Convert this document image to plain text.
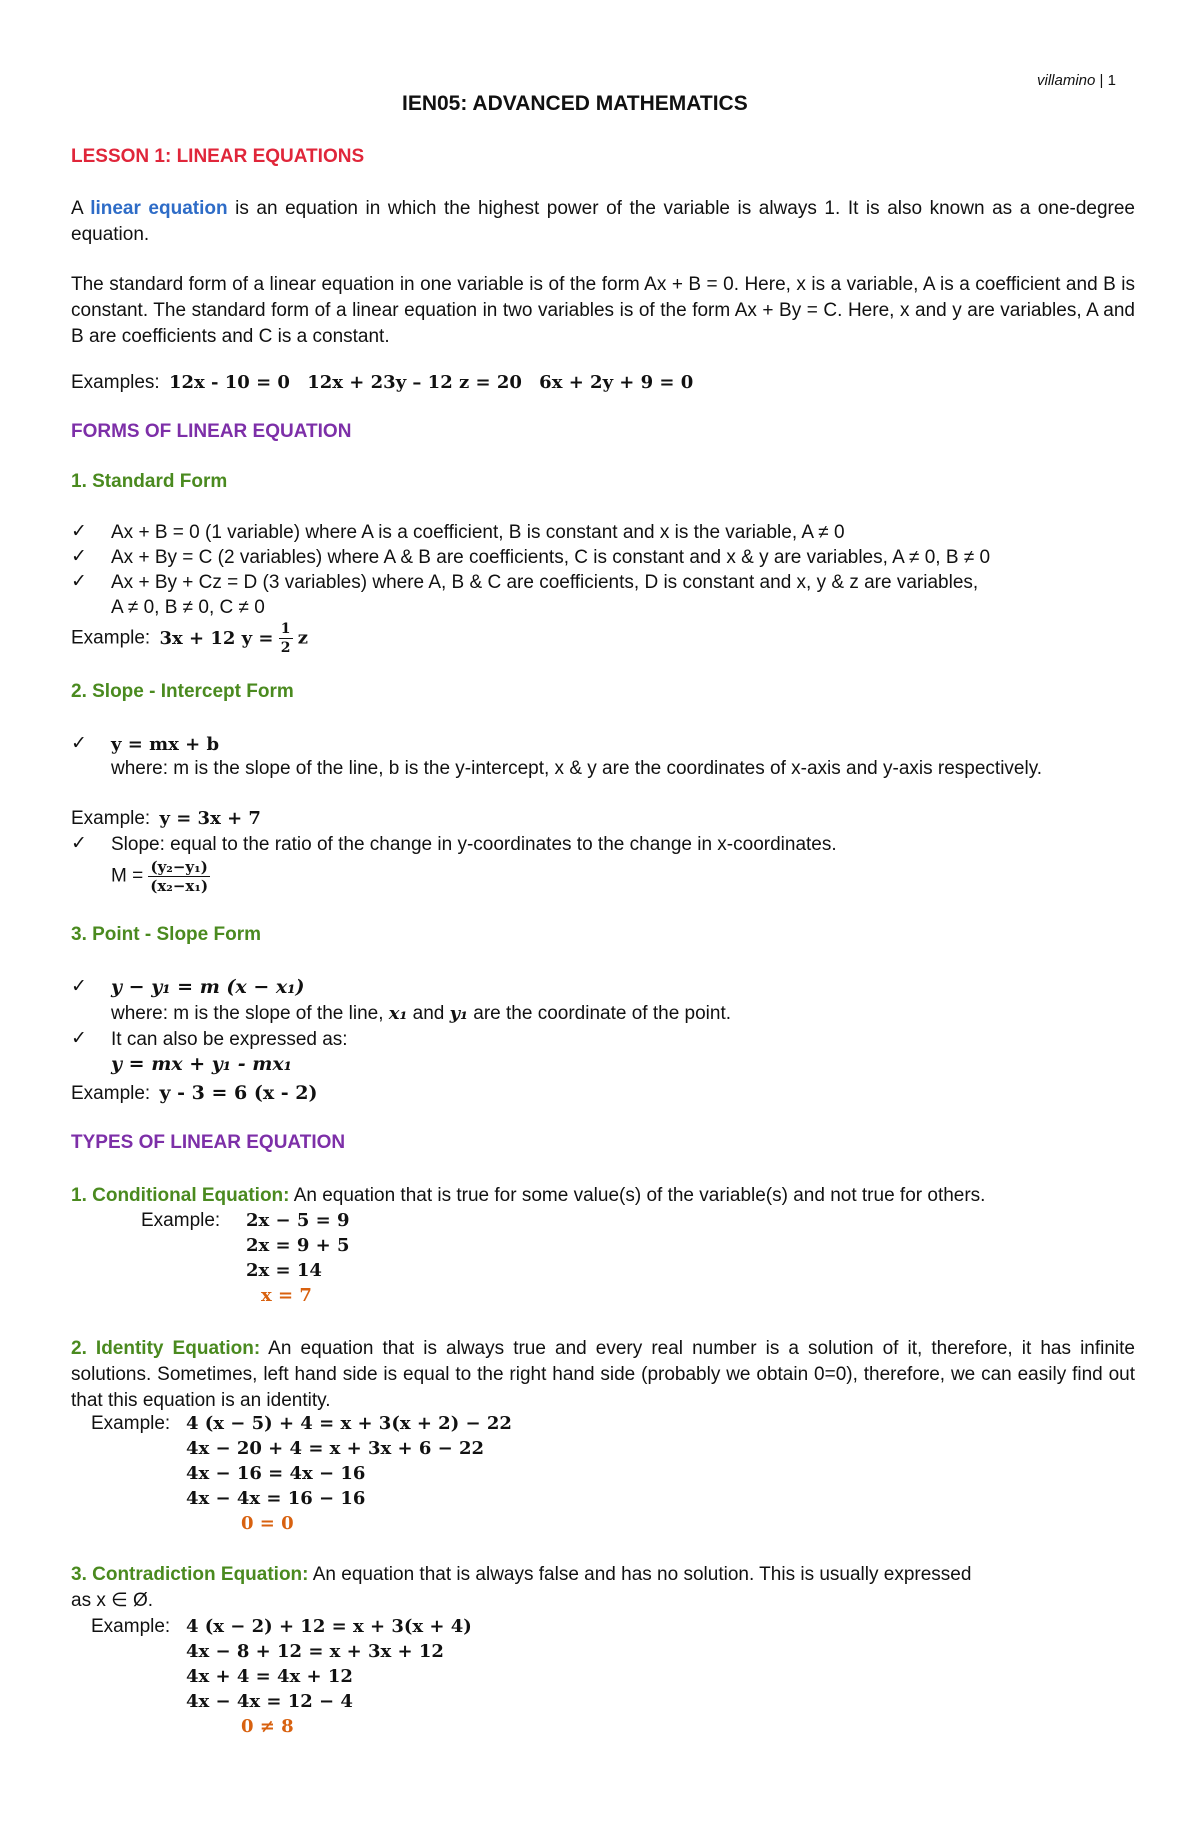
villamino | 1
IEN05: ADVANCED MATHEMATICS
LESSON 1: LINEAR EQUATIONS
A linear equation is an equation in which the highest power of the variable is always 1. It is also known as a one-degree equation.
The standard form of a linear equation in one variable is of the form Ax + B = 0. Here, x is a variable, A is a coefficient and B is constant. The standard form of a linear equation in two variables is of the form Ax + By = C. Here, x and y are variables, A and B are coefficients and C is a constant.
Examples: 12x - 10 = 0 12x + 23y – 12 z = 20 6x + 2y + 9 = 0
FORMS OF LINEAR EQUATION
1. Standard Form
✓ Ax + B = 0 (1 variable) where A is a coefficient, B is constant and x is the variable, A ≠ 0
✓ Ax + By = C (2 variables) where A & B are coefficients, C is constant and x & y are variables, A ≠ 0, B ≠ 0
✓ Ax + By + Cz = D (3 variables) where A, B & C are coefficients, D is constant and x, y & z are variables,
A ≠ 0, B ≠ 0, C ≠ 0
Example: 3x + 12 $y = \frac{1}{2}$ z
2. Slope - Intercept Form
✓ y = mx + b
where: m is the slope of the line, b is the y-intercept, x & y are the coordinates of x-axis and y-axis respectively.
Example: y = 3x + 7
✓ Slope: equal to the ratio of the change in y-coordinates to the change in x-coordinates.
$M = \frac{\text{(y₂−y₁)}}{\text{(x₂−x₁)}}$
3. Point - Slope Form
✓ y − y₁ = m (x − x₁)
where: m is the slope of the line, x₁ and y₁ are the coordinate of the point.
✓ It can also be expressed as:
y = mx + y₁ - mx₁
Example: y - 3 = 6 (x - 2)
TYPES OF LINEAR EQUATION
1. Conditional Equation: An equation that is true for some value(s) of the variable(s) and not true for others.
Example: 2x − 5 = 9
2x = 9 + 5
2x = 14
x = 7
2. Identity Equation: An equation that is always true and every real number is a solution of it, therefore, it has infinite solutions. Sometimes, left hand side is equal to the right hand side (probably we obtain 0=0), therefore, we can easily find out that this equation is an identity.
Example: 4 (x − 5) + 4 = x + 3(x + 2) − 22
4x − 20 + 4 = x + 3x + 6 − 22
4x − 16 = 4x − 16
4x − 4x = 16 − 16
0 = 0
3. Contradiction Equation: An equation that is always false and has no solution. This is usually expressed
as x ∈ Ø.
Example: 4 (x − 2) + 12 = x + 3(x + 4)
4x − 8 + 12 = x + 3x + 12
4x + 4 = 4x + 12
4x − 4x = 12 − 4
0 ≠ 8
